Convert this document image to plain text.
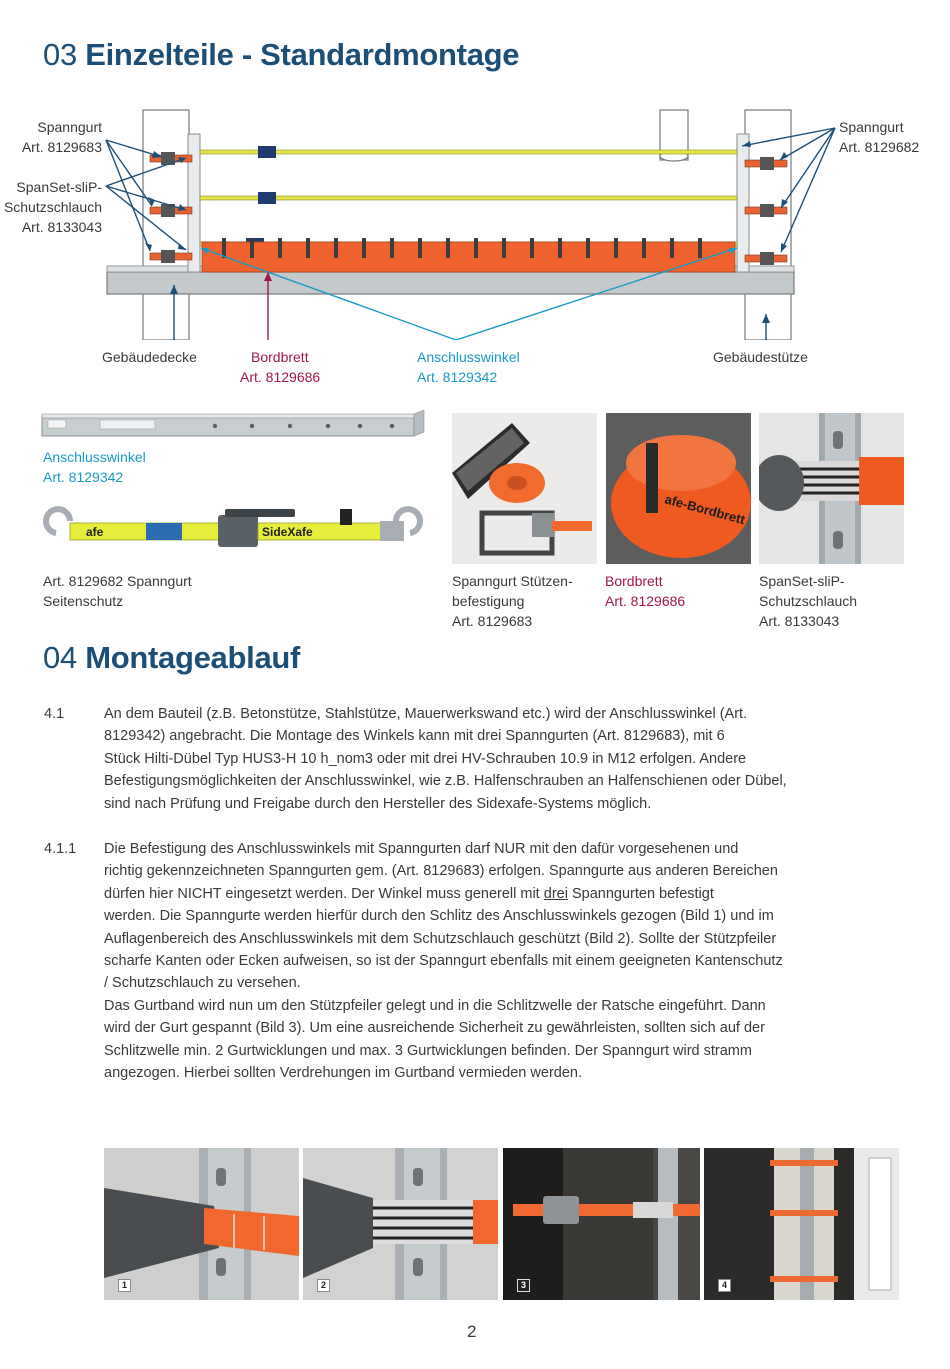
03 Einzelteile - Standardmontage
Spanngurt
Art. 8129683
SpanSet-sliP-
Schutzschlauch
Art. 8133043
Spanngurt
Art. 8129682
Gebäudedecke	Bordbrett
Art. 8129686
Anschlusswinkel
Art. 8129342
Gebäudestütze
Anschlusswinkel
Art. 8129342
afe	SideXafe
Art. 8129682 Spanngurt
Seitenschutz
afe-Bordbrett
Spanngurt Stützen-
befestigung
Art. 8129683
Bordbrett
Art. 8129686
SpanSet-sliP-
Schutzschlauch
Art. 8133043
04 Montageablauf
4.1	An dem Bauteil (z.B. Betonstütze, Stahlstütze, Mauerwerkswand etc.) wird der Anschlusswinkel (Art.
8129342) angebracht. Die Montage des Winkels kann mit drei Spanngurten (Art. 8129683), mit 6
Stück Hilti-Dübel Typ HUS3-H 10 h_nom3 oder mit drei HV-Schrauben 10.9 in M12 erfolgen. Andere
Befestigungsmöglichkeiten der Anschlusswinkel, wie z.B. Halfenschrauben an Halfenschienen oder Dübel,
sind nach Prüfung und Freigabe durch den Hersteller des Sidexafe-Systems möglich.
4.1.1 Die Befestigung des Anschlusswinkels mit Spanngurten darf NUR mit den dafür vorgesehenen und
richtig gekennzeichneten Spanngurten gem. (Art. 8129683) erfolgen. Spanngurte aus anderen Bereichen
dürfen hier NICHT eingesetzt werden. Der Winkel muss generell mit drei Spanngurten befestigt
werden. Die Spanngurte werden hierfür durch den Schlitz des Anschlusswinkels gezogen (Bild 1) und im
Auflagenbereich des Anschlusswinkels mit dem Schutzschlauch geschützt (Bild 2). Sollte der Stützpfeiler
scharfe Kanten oder Ecken aufweisen, so ist der Spanngurt ebenfalls mit einem geeigneten Kantenschutz
/ Schutzschlauch zu versehen.
Das Gurtband wird nun um den Stützpfeiler gelegt und in die Schlitzwelle der Ratsche eingeführt. Dann
wird der Gurt gespannt (Bild 3). Um eine ausreichende Sicherheit zu gewährleisten, sollten sich auf der
Schlitzwelle min. 2 Gurtwicklungen und max. 3 Gurtwicklungen befinden. Der Spanngurt wird stramm
angezogen. Hierbei sollten Verdrehungen im Gurtband vermieden werden.
1	2	3	4
2
